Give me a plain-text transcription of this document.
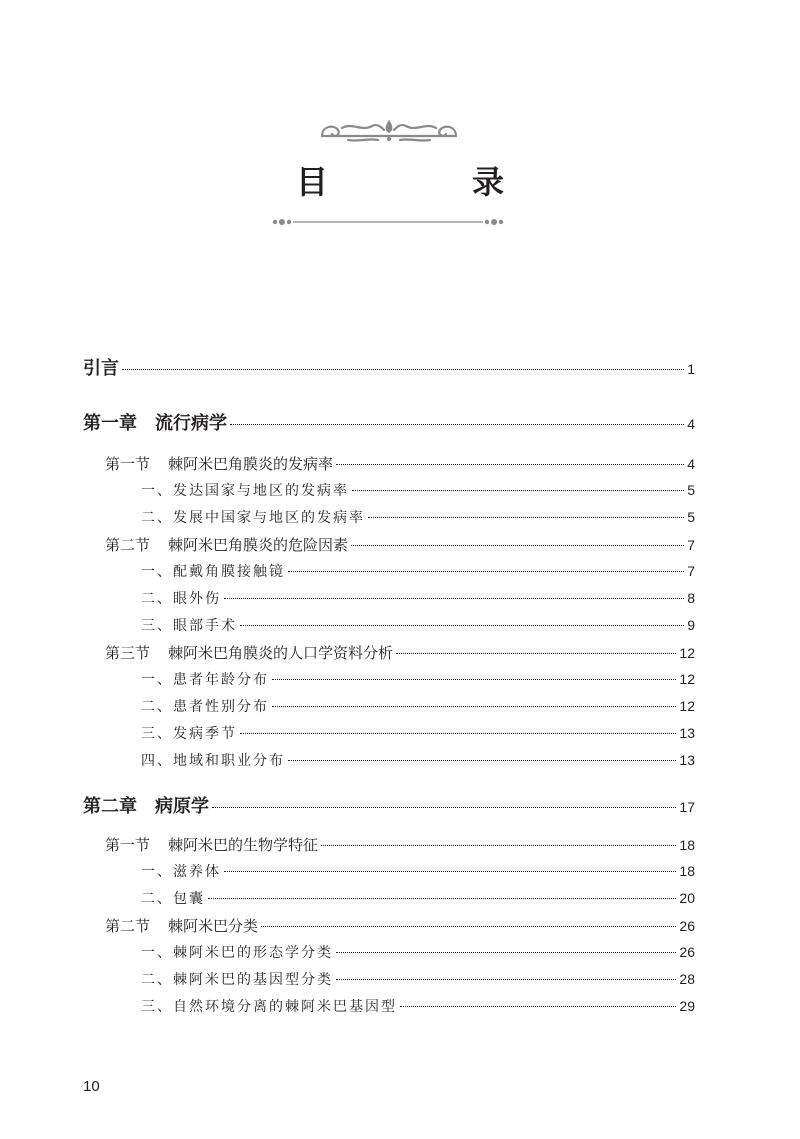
目　录
引言	1
第一章 流行病学	4
第一节 棘阿米巴角膜炎的发病率	4
一、发达国家与地区的发病率	5
二、发展中国家与地区的发病率	5
第二节 棘阿米巴角膜炎的危险因素	7
一、配戴角膜接触镜	7
二、眼外伤	8
三、眼部手术	9
第三节 棘阿米巴角膜炎的人口学资料分析	12
一、患者年龄分布	12
二、患者性别分布	12
三、发病季节	13
四、地域和职业分布	13
第二章 病原学	17
第一节 棘阿米巴的生物学特征	18
一、滋养体	18
二、包囊	20
第二节 棘阿米巴分类	26
一、棘阿米巴的形态学分类	26
二、棘阿米巴的基因型分类	28
三、自然环境分离的棘阿米巴基因型	29
10
